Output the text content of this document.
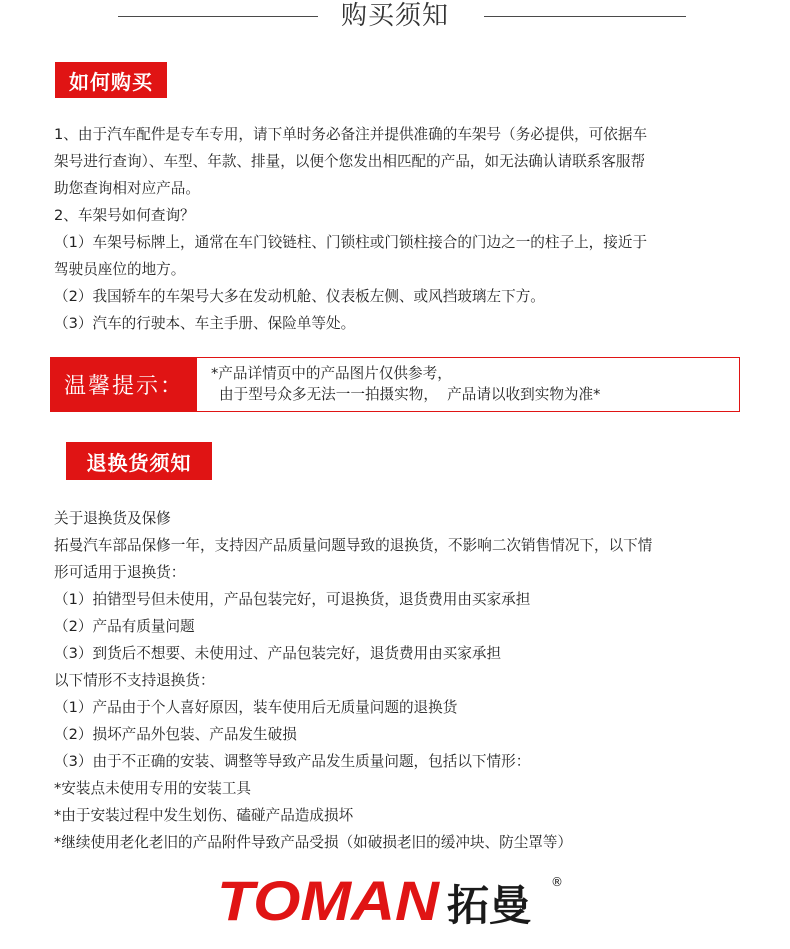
购买须知
如何购买

1、由于汽车配件是专车专用，请下单时务必备注并提供准确的车架号（务必提供，可依据车

架号进行查询）、车型、年款、排量，以便个您发出相匹配的产品，如无法确认请联系客服帮

助您查询相对应产品。

2、车架号如何查询？

（1）车架号标牌上，通常在车门铰链柱、门锁柱或门锁柱接合的门边之一的柱子上，接近于

驾驶员座位的地方。

（2）我国轿车的车架号大多在发动机舱、仪表板左侧、或风挡玻璃左下方。

（3）汽车的行驶本、车主手册、保险单等处。

温馨提示：
*产品详情页中的产品图片仅供参考，
由于型号众多无法一一拍摄实物，  产品请以收到实物为准*
退换货须知

关于退换货及保修

拓曼汽车部品保修一年，支持因产品质量问题导致的退换货，不影响二次销售情况下，以下情

形可适用于退换货：

（1）拍错型号但未使用，产品包装完好，可退换货，退货费用由买家承担

（2）产品有质量问题

（3）到货后不想要、未使用过、产品包装完好，退货费用由买家承担

以下情形不支持退换货：

（1）产品由于个人喜好原因，装车使用后无质量问题的退换货

（2）损坏产品外包装、产品发生破损

（3）由于不正确的安装、调整等导致产品发生质量问题，包括以下情形：

*安装点未使用专用的安装工具

*由于安装过程中发生划伤、磕碰产品造成损坏

*继续使用老化老旧的产品附件导致产品受损（如破损老旧的缓冲块、防尘罩等）

TOMAN 拓曼 ®
